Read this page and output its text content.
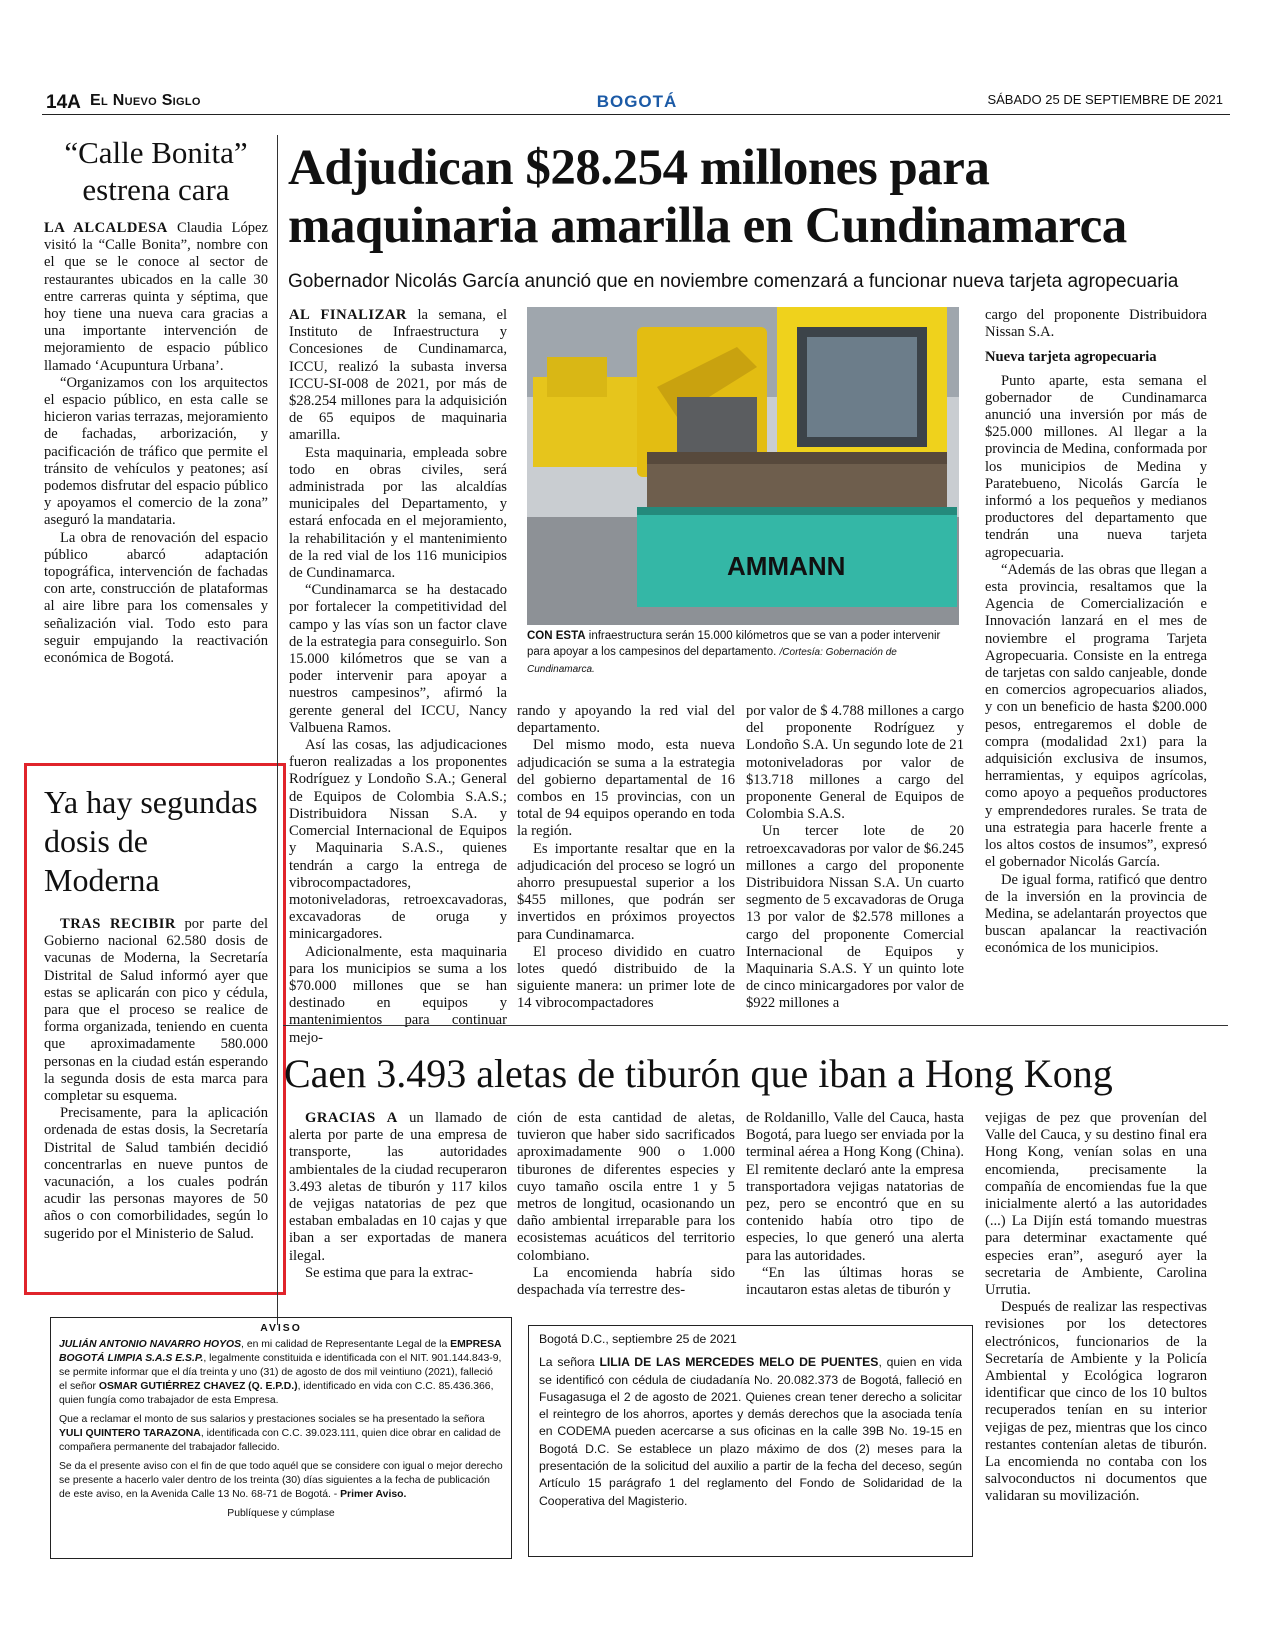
14A El Nuevo Siglo	BOGOTÁ	SÁBADO 25 DE SEPTIEMBRE DE 2021
“Calle Bonita” estrena cara

LA ALCALDESA Claudia López visitó la “Calle Bonita”, nombre con el que se le conoce al sector de restaurantes ubicados en la calle 30 entre carreras quinta y séptima, que hoy tiene una nueva cara gracias a una importante intervención de mejoramiento de espacio público llamado ‘Acupuntura Urbana’.

“Organizamos con los arquitectos el espacio público, en esta calle se hicieron varias terrazas, mejoramiento de fachadas, arborización, y pacificación de tráfico que permite el tránsito de vehículos y peatones; así podemos disfrutar del espacio público y apoyamos el comercio de la zona” aseguró la mandataria.

La obra de renovación del espacio público abarcó adaptación topográfica, intervención de fachadas con arte, construcción de plataformas al aire libre para los comensales y señalización vial. Todo esto para seguir empujando la reactivación económica de Bogotá.

Ya hay segundas dosis de Moderna

TRAS RECIBIR por parte del Gobierno nacional 62.580 dosis de vacunas de Moderna, la Secretaría Distrital de Salud informó ayer que estas se aplicarán con pico y cédula, para que el proceso se realice de forma organizada, teniendo en cuenta que aproximadamente 580.000 personas en la ciudad están esperando la segunda dosis de esta marca para completar su esquema.

Precisamente, para la aplicación ordenada de estas dosis, la Secretaría Distrital de Salud también decidió concentrarlas en nueve puntos de vacunación, a los cuales podrán acudir las personas mayores de 50 años o con comorbilidades, según lo sugerido por el Ministerio de Salud.

Adjudican $28.254 millones para maquinaria amarilla en Cundinamarca
Gobernador Nicolás García anunció que en noviembre comenzará a funcionar nueva tarjeta agropecuaria

AL FINALIZAR la semana, el Instituto de Infraestructura y Concesiones de Cundinamarca, ICCU, realizó la subasta inversa ICCU-SI-008 de 2021, por más de $28.254 millones para la adquisición de 65 equipos de maquinaria amarilla.

Esta maquinaria, empleada sobre todo en obras civiles, será administrada por las alcaldías municipales del Departamento, y estará enfocada en el mejoramiento, la rehabilitación y el mantenimiento de la red vial de los 116 municipios de Cundinamarca.

“Cundinamarca se ha destacado por fortalecer la competitividad del campo y las vías son un factor clave de la estrategia para conseguirlo. Son 15.000 kilómetros que se van a poder intervenir para apoyar a nuestros campesinos”, afirmó la gerente general del ICCU, Nancy Valbuena Ramos.

Así las cosas, las adjudicaciones fueron realizadas a los proponentes Rodríguez y Londoño S.A.; General de Equipos de Colombia S.A.S.; Distribuidora Nissan S.A. y Comercial Internacional de Equipos y Maquinaria S.A.S., quienes tendrán a cargo la entrega de vibrocompactadores, motoniveladoras, retroexcavadoras, excavadoras de oruga y minicargadores.

Adicionalmente, esta maquinaria para los municipios se suma a los $70.000 millones que se han destinado en equipos y mantenimientos para continuar mejo-

AMMANN
CON ESTA infraestructura serán 15.000 kilómetros que se van a poder intervenir para apoyar a los campesinos del departamento. /Cortesía: Gobernación de Cundinamarca.

rando y apoyando la red vial del departamento.

Del mismo modo, esta nueva adjudicación se suma a la estrategia del gobierno departamental de 16 combos en 15 provincias, con un total de 94 equipos operando en toda la región.

Es importante resaltar que en la adjudicación del proceso se logró un ahorro presupuestal superior a los $455 millones, que podrán ser invertidos en próximos proyectos para Cundinamarca.

El proceso dividido en cuatro lotes quedó distribuido de la siguiente manera: un primer lote de 14 vibrocompactadores

por valor de $ 4.788 millones a cargo del proponente Rodríguez y Londoño S.A. Un segundo lote de 21 motoniveladoras por valor de $13.718 millones a cargo del proponente General de Equipos de Colombia S.A.S.

Un tercer lote de 20 retroexcavadoras por valor de $6.245 millones a cargo del proponente Distribuidora Nissan S.A. Un cuarto segmento de 5 excavadoras de Oruga 13 por valor de $2.578 millones a cargo del proponente Comercial Internacional de Equipos y Maquinaria S.A.S. Y un quinto lote de cinco minicargadores por valor de $922 millones a

cargo del proponente Distribuidora Nissan S.A.

Nueva tarjeta agropecuaria

Punto aparte, esta semana el gobernador de Cundinamarca anunció una inversión por más de $25.000 millones. Al llegar a la provincia de Medina, conformada por los municipios de Medina y Paratebueno, Nicolás García le informó a los pequeños y medianos productores del departamento que tendrán una nueva tarjeta agropecuaria.

“Además de las obras que llegan a esta provincia, resaltamos que la Agencia de Comercialización e Innovación lanzará en el mes de noviembre el programa Tarjeta Agropecuaria. Consiste en la entrega de tarjetas con saldo canjeable, donde en comercios agropecuarios aliados, y con un beneficio de hasta $200.000 pesos, entregaremos el doble de compra (modalidad 2x1) para la adquisición exclusiva de insumos, herramientas, y equipos agrícolas, como apoyo a pequeños productores y emprendedores rurales. Se trata de una estrategia para hacerle frente a los altos costos de insumos”, expresó el gobernador Nicolás García.

De igual forma, ratificó que dentro de la inversión en la provincia de Medina, se adelantarán proyectos que buscan apalancar la reactivación económica de los municipios.

Caen 3.493 aletas de tiburón que iban a Hong Kong

GRACIAS A un llamado de alerta por parte de una empresa de transporte, las autoridades ambientales de la ciudad recuperaron 3.493 aletas de tiburón y 117 kilos de vejigas natatorias de pez que estaban embaladas en 10 cajas y que iban a ser exportadas de manera ilegal.

Se estima que para la extrac-

ción de esta cantidad de aletas, tuvieron que haber sido sacrificados aproximadamente 900 o 1.000 tiburones de diferentes especies y cuyo tamaño oscila entre 1 y 5 metros de longitud, ocasionando un daño ambiental irreparable para los ecosistemas acuáticos del territorio colombiano.

La encomienda habría sido despachada vía terrestre des-

de Roldanillo, Valle del Cauca, hasta Bogotá, para luego ser enviada por la terminal aérea a Hong Kong (China). El remitente declaró ante la empresa transportadora vejigas natatorias de pez, pero se encontró que en su contenido había otro tipo de especies, lo que generó una alerta para las autoridades.

“En las últimas horas se incautaron estas aletas de tiburón y

vejigas de pez que provenían del Valle del Cauca, y su destino final era Hong Kong, venían solas en una encomienda, precisamente la compañía de encomiendas fue la que inicialmente alertó a las autoridades (...) La Dijín está tomando muestras para determinar exactamente qué especies eran”, aseguró ayer la secretaria de Ambiente, Carolina Urrutia.

Después de realizar las respectivas revisiones por los detectores electrónicos, funcionarios de la Secretaría de Ambiente y la Policía Ambiental y Ecológica lograron identificar que cinco de los 10 bultos recuperados tenían en su interior vejigas de pez, mientras que los cinco restantes contenían aletas de tiburón. La encomienda no contaba con los salvoconductos ni documentos que validaran su movilización.

AVISO

JULIÁN ANTONIO NAVARRO HOYOS, en mi calidad de Representante Legal de la EMPRESA BOGOTÁ LIMPIA S.A.S E.S.P., legalmente constituida e identificada con el NIT. 901.144.843-9, se permite informar que el día treinta y uno (31) de agosto de dos mil veintiuno (2021), falleció el señor OSMAR GUTIÉRREZ CHAVEZ (Q. E.P.D.), identificado en vida con C.C. 85.436.366, quien fungía como trabajador de esta Empresa.

Que a reclamar el monto de sus salarios y prestaciones sociales se ha presentado la señora YULI QUINTERO TARAZONA, identificada con C.C. 39.023.111, quien dice obrar en calidad de compañera permanente del trabajador fallecido.

Se da el presente aviso con el fin de que todo aquél que se considere con igual o mejor derecho se presente a hacerlo valer dentro de los treinta (30) días siguientes a la fecha de publicación de este aviso, en la Avenida Calle 13 No. 68-71 de Bogotá. - Primer Aviso.

Publíquese y cúmplase
Bogotá D.C., septiembre 25 de 2021
La señora LILIA DE LAS MERCEDES MELO DE PUENTES, quien en vida se identificó con cédula de ciudadanía No. 20.082.373 de Bogotá, falleció en Fusagasuga el 2 de agosto de 2021. Quienes crean tener derecho a solicitar el reintegro de los ahorros, aportes y demás derechos que la asociada tenía en CODEMA pueden acercarse a sus oficinas en la calle 39B No. 19-15 en Bogotá D.C. Se establece un plazo máximo de dos (2) meses para la presentación de la solicitud del auxilio a partir de la fecha del deceso, según Artículo 15 parágrafo 1 del reglamento del Fondo de Solidaridad de la Cooperativa del Magisterio.
